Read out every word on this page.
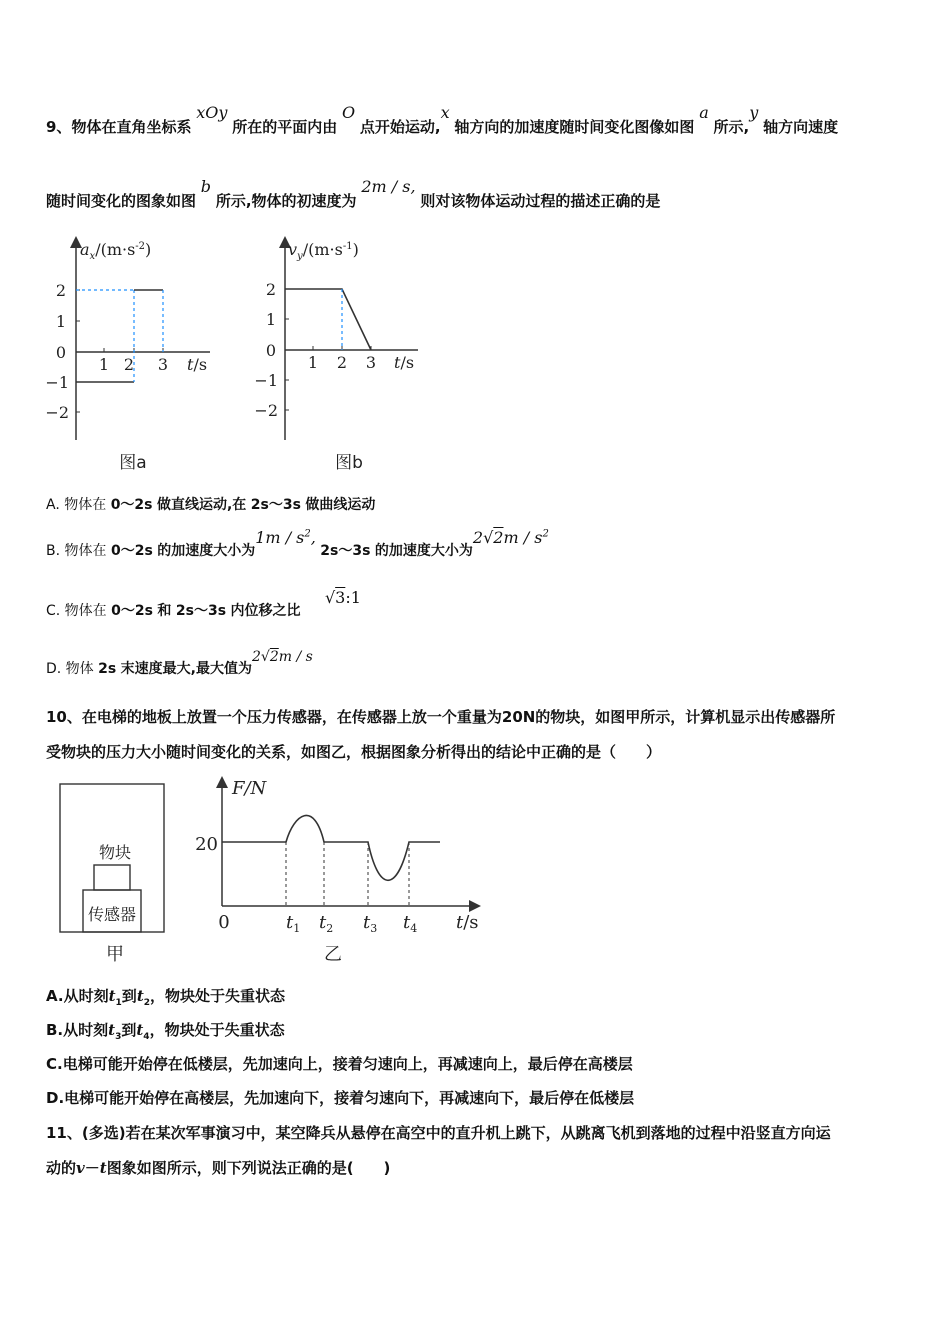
9、物体在直角坐标系 xOy 所在的平面内由 O 点开始运动,x 轴方向的加速度随时间变化图像如图 a 所示,y 轴方向速度
随时间变化的图象如图 b 所示,物体的初速度为 2m / s, 则对该物体运动过程的描述正确的是
$a_x/(m\cdot s^{-2})$
2
1
0
−1
−2
1 2 3 t/s
图a
$v_y/(m\cdot s^{-1})$
2
1
0
−1
−2
1 2 3 t/s
图b
A. 物体在 0～2s 做直线运动,在 2s～3s 做曲线运动
B. 物体在 0～2s 的加速度大小为$1m / s^2$, 2s～3s 的加速度大小为$2√2m / s^2$
C. 物体在 0～2s 和 2s～3s 内位移之比 √3:1
D. 物体 2s 末速度最大,最大值为2√2m / s
10、在电梯的地板上放置一个压力传感器，在传感器上放一个重量为20N的物块，如图甲所示，计算机显示出传感器所
受物块的压力大小随时间变化的关系，如图乙，根据图象分析得出的结论中正确的是（　　）
物块
传感器
甲
F/N
20
0	$t_1$ $t_2$ $t_3$ $t_4$ t/s
乙
A.从时刻$t_1$到$t_2$，物块处于失重状态
B.从时刻$t_3$到$t_4$，物块处于失重状态
C.电梯可能开始停在低楼层，先加速向上，接着匀速向上，再减速向上，最后停在高楼层
D.电梯可能开始停在高楼层，先加速向下，接着匀速向下，再减速向下，最后停在低楼层
11、(多选)若在某次军事演习中，某空降兵从悬停在高空中的直升机上跳下，从跳离飞机到落地的过程中沿竖直方向运
动的v－t图象如图所示，则下列说法正确的是(　　)
